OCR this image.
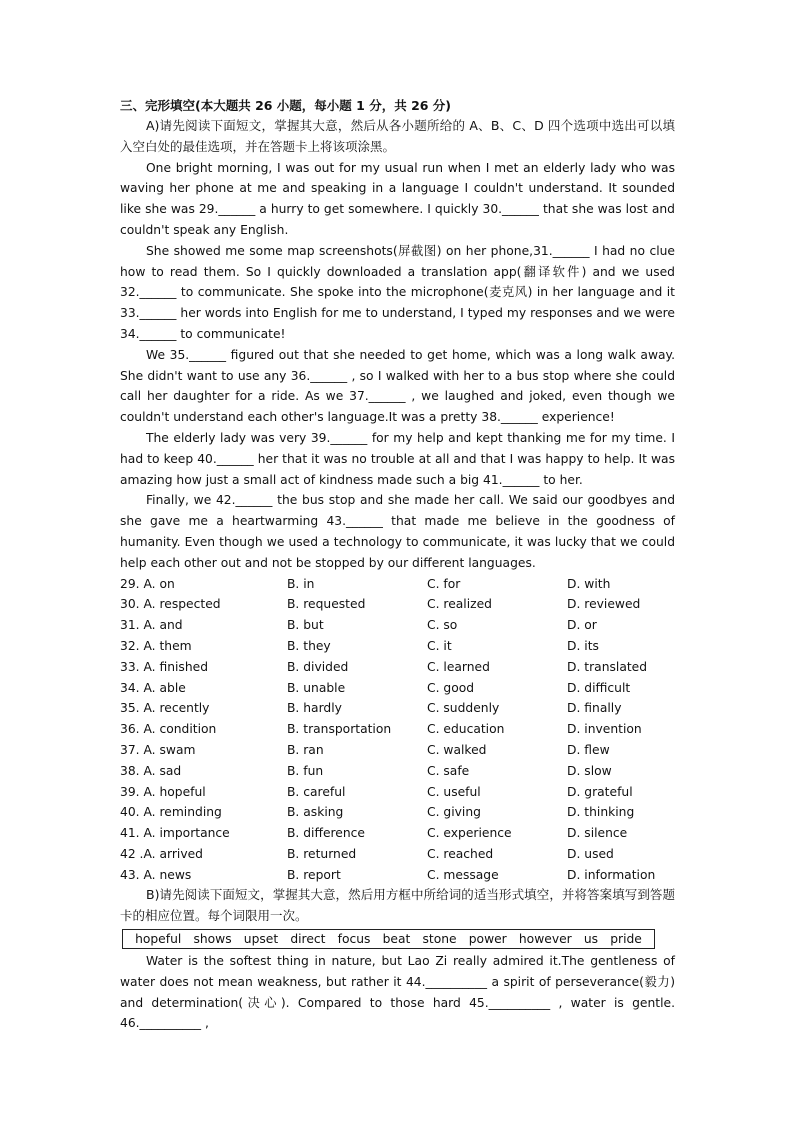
三、完形填空(本大题共 26 小题，每小题 1 分，共 26 分)

A)请先阅读下面短文，掌握其大意，然后从各小题所给的 A、B、C、D 四个选项中选出可以填入空白处的最佳选项，并在答题卡上将该项涂黑。

One bright morning, I was out for my usual run when I met an elderly lady who was waving her phone at me and speaking in a language I couldn't understand. It sounded like she was 29.______ a hurry to get somewhere. I quickly 30.______ that she was lost and couldn't speak any English.

She showed me some map screenshots(屏截图) on her phone,31.______ I had no clue how to read them. So I quickly downloaded a translation app(翻译软件) and we used 32.______ to communicate. She spoke into the microphone(麦克风) in her language and it 33.______ her words into English for me to understand, I typed my responses and we were 34.______ to communicate!

We 35.______ figured out that she needed to get home, which was a long walk away. She didn't want to use any 36.______ , so I walked with her to a bus stop where she could call her daughter for a ride. As we 37.______ , we laughed and joked, even though we couldn't understand each other's language.It was a pretty 38.______ experience!

The elderly lady was very 39.______ for my help and kept thanking me for my time. I had to keep 40.______ her that it was no trouble at all and that I was happy to help. It was amazing how just a small act of kindness made such a big 41.______ to her.

Finally, we 42.______ the bus stop and she made her call. We said our goodbyes and she gave me a heartwarming 43.______ that made me believe in the goodness of humanity. Even though we used a technology to communicate, it was lucky that we could help each other out and not be stopped by our different languages.

29. A. on	B. in	C. for	D. with
30. A. respected	B. requested	C. realized	D. reviewed
31. A. and	B. but	C. so	D. or
32. A. them	B. they	C. it	D. its
33. A. finished	B. divided	C. learned	D. translated
34. A. able	B. unable	C. good	D. difficult
35. A. recently	B. hardly	C. suddenly	D. finally
36. A. condition	B. transportation	C. education	D. invention
37. A. swam	B. ran	C. walked	D. flew
38. A. sad	B. fun	C. safe	D. slow
39. A. hopeful	B. careful	C. useful	D. grateful
40. A. reminding	B. asking	C. giving	D. thinking
41. A. importance	B. difference	C. experience	D. silence
42 .A. arrived	B. returned	C. reached	D. used
43. A. news	B. report	C. message	D. information

B)请先阅读下面短文，掌握其大意，然后用方框中所给词的适当形式填空，并将答案填写到答题卡的相应位置。每个词限用一次。

hopeful shows upset direct focus beat stone power however us pride

Water is the softest thing in nature, but Lao Zi really admired it.The gentleness of water does not mean weakness, but rather it 44.__________ a spirit of perseverance(毅力) and determination(决心). Compared to those hard 45.__________ , water is gentle. 46.__________ ,
